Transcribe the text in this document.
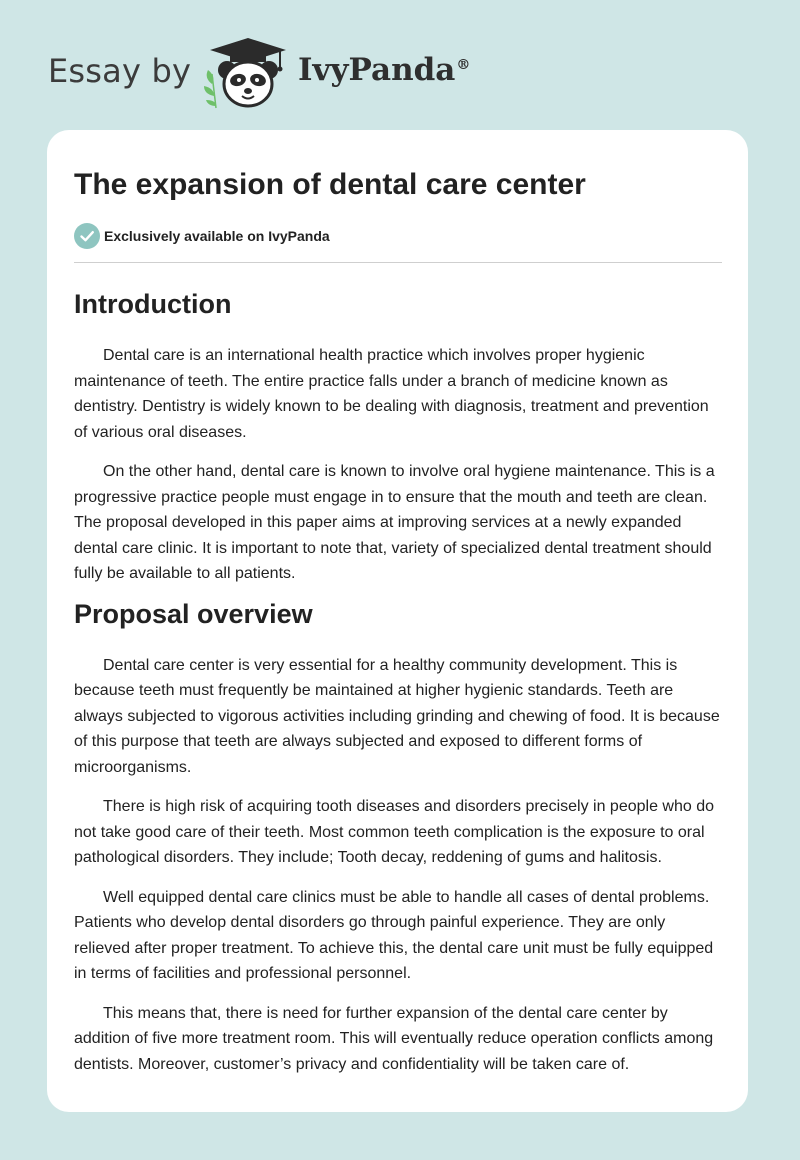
Essay by	IvyPanda®
The expansion of dental care center
Exclusively available on IvyPanda
Introduction

Dental care is an international health practice which involves proper hygienic maintenance of teeth. The entire practice falls under a branch of medicine known as dentistry. Dentistry is widely known to be dealing with diagnosis, treatment and prevention of various oral diseases.

On the other hand, dental care is known to involve oral hygiene maintenance. This is a progressive practice people must engage in to ensure that the mouth and teeth are clean. The proposal developed in this paper aims at improving services at a newly expanded dental care clinic. It is important to note that, variety of specialized dental treatment should fully be available to all patients.

Proposal overview

Dental care center is very essential for a healthy community development. This is because teeth must frequently be maintained at higher hygienic standards. Teeth are always subjected to vigorous activities including grinding and chewing of food. It is because of this purpose that teeth are always subjected and exposed to different forms of microorganisms.

There is high risk of acquiring tooth diseases and disorders precisely in people who do not take good care of their teeth. Most common teeth complication is the exposure to oral pathological disorders. They include; Tooth decay, reddening of gums and halitosis.

Well equipped dental care clinics must be able to handle all cases of dental problems. Patients who develop dental disorders go through painful experience. They are only relieved after proper treatment. To achieve this, the dental care unit must be fully equipped in terms of facilities and professional personnel.

This means that, there is need for further expansion of the dental care center by addition of five more treatment room. This will eventually reduce operation conflicts among dentists. Moreover, customer’s privacy and confidentiality will be taken care of.
